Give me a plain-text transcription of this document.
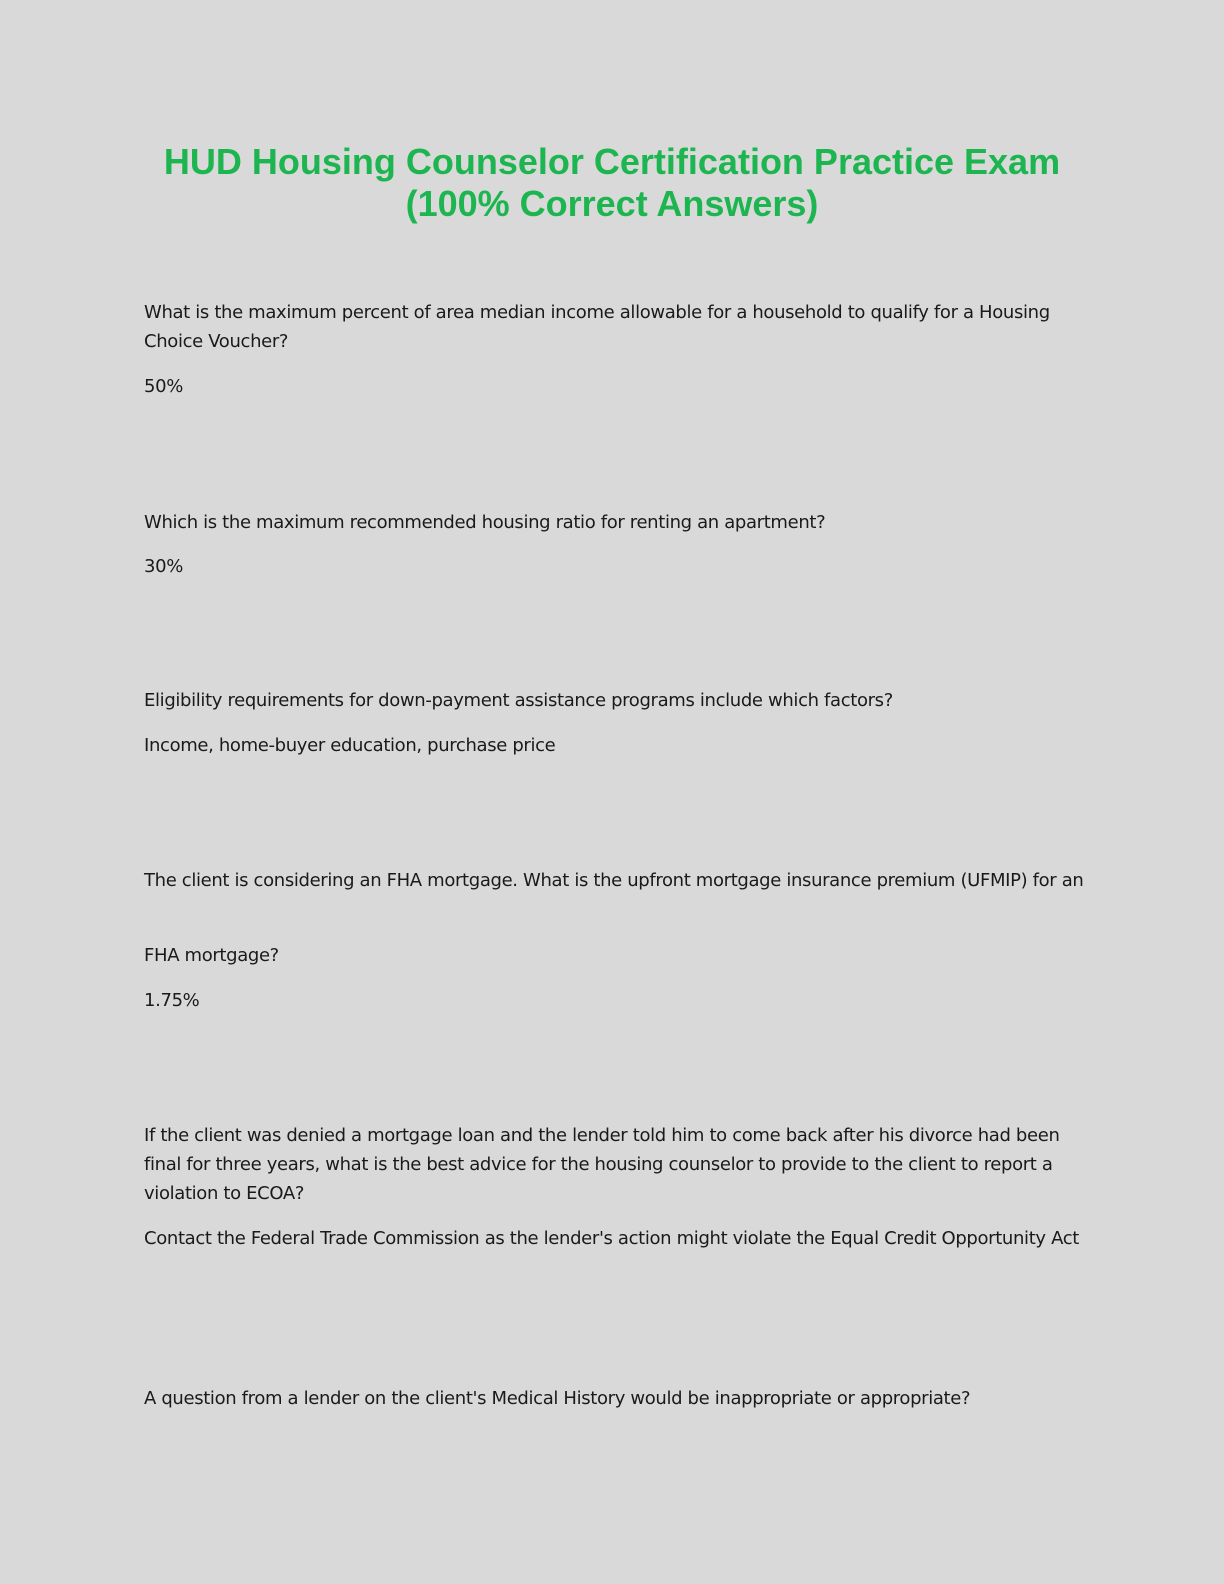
HUD Housing Counselor Certification Practice Exam
(100% Correct Answers)

What is the maximum percent of area median income allowable for a household to qualify for a Housing Choice Voucher?

50%

Which is the maximum recommended housing ratio for renting an apartment?

30%

Eligibility requirements for down-payment assistance programs include which factors?

Income, home-buyer education, purchase price

The client is considering an FHA mortgage. What is the upfront mortgage insurance premium (UFMIP) for an

FHA mortgage?

1.75%

If the client was denied a mortgage loan and the lender told him to come back after his divorce had been final for three years, what is the best advice for the housing counselor to provide to the client to report a violation to ECOA?

Contact the Federal Trade Commission as the lender's action might violate the Equal Credit Opportunity Act

A question from a lender on the client's Medical History would be inappropriate or appropriate?
